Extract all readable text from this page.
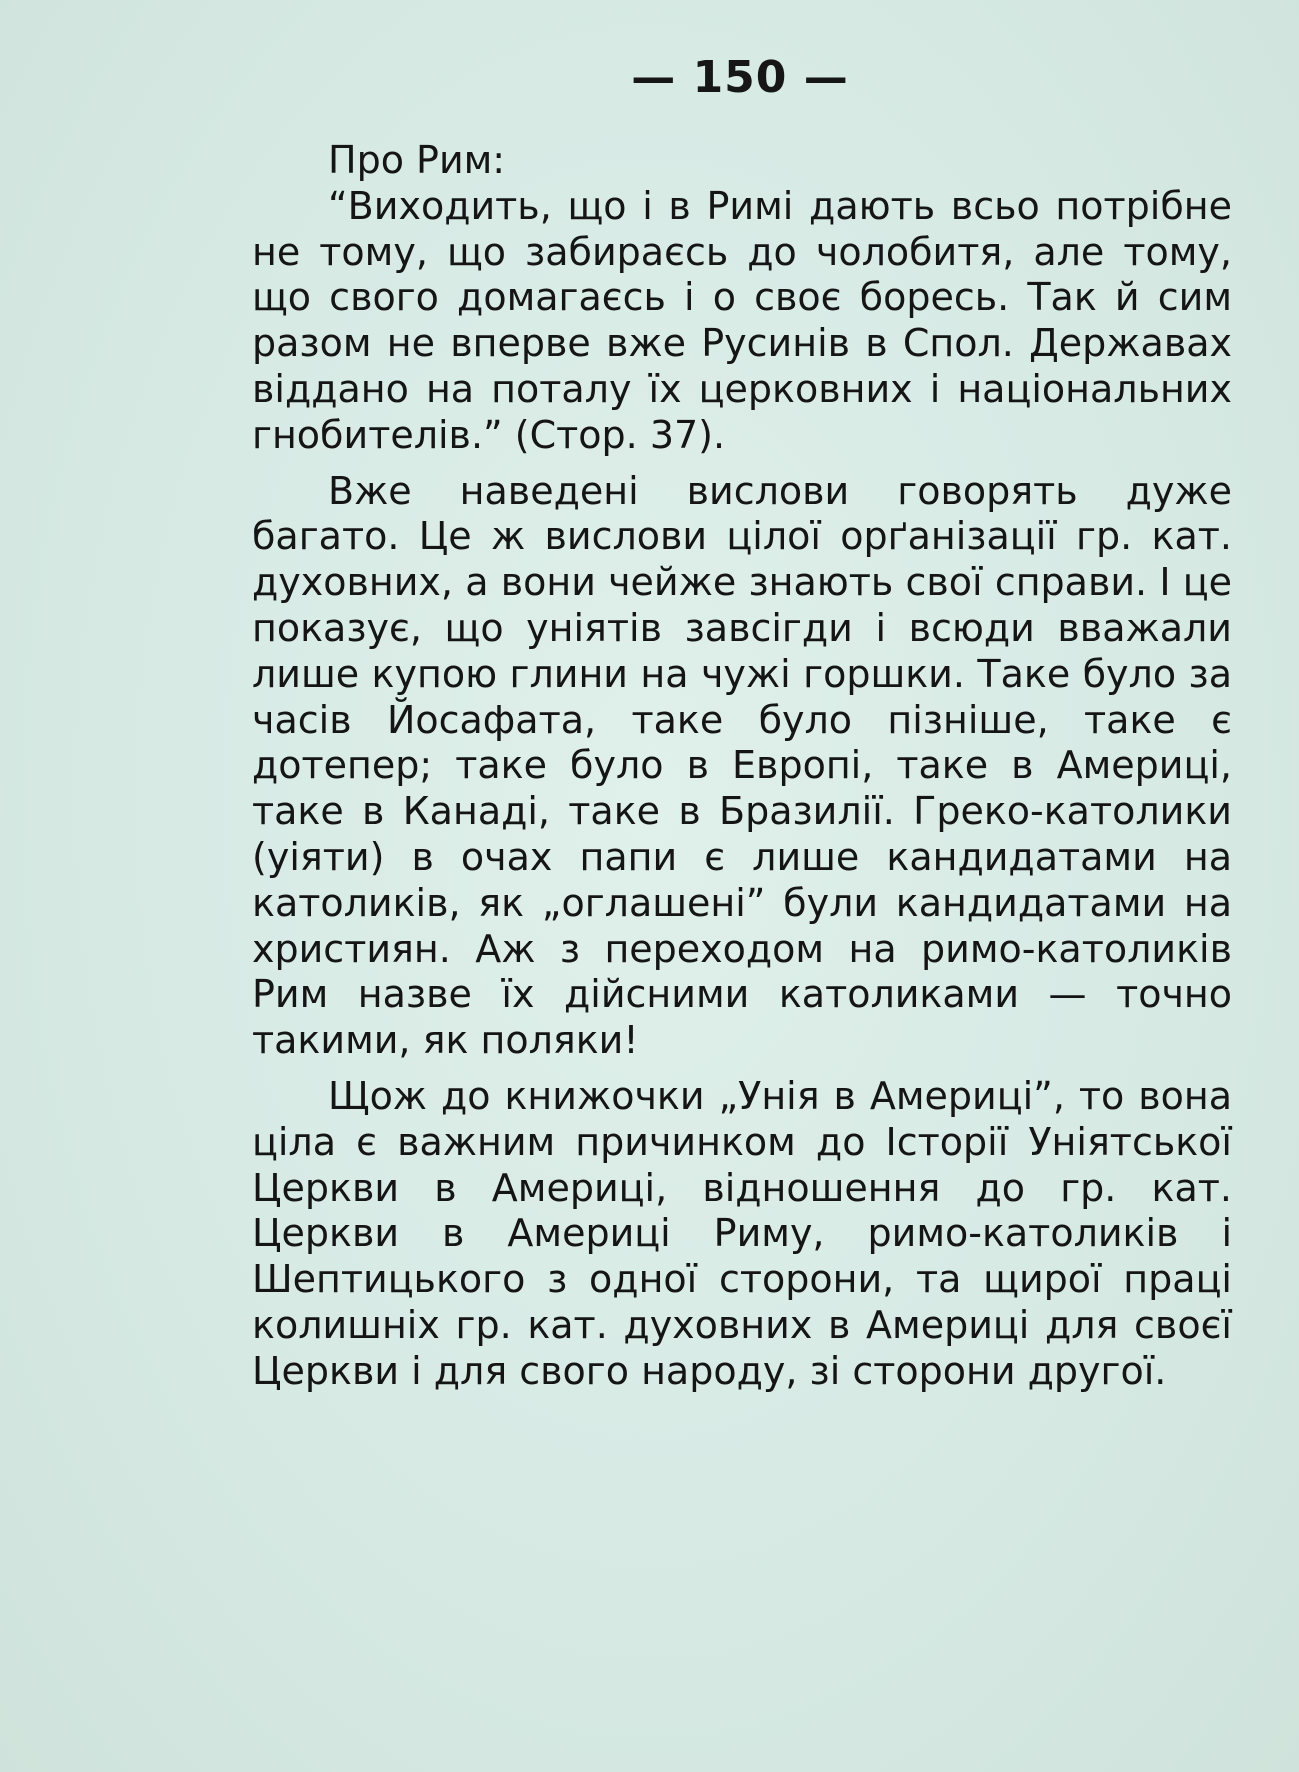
— 150 —

Про Рим:

“Виходить, що і в Римі дають всьо потрібне не тому, що забираєсь до чолобитя, але тому, що свого домагаєсь і о своє боресь. Так й сим разом не вперве вже Русинів в Спол. Державах віддано на поталу їх церковних і національних гнобителів.” (Стор. 37).

Вже наведені вислови говорять дуже багато. Це ж вислови цілої орґанізації гр. кат. духовних, а вони чейже знають свої справи. І це показує, що уніятів завсігди і всюди вважали лише купою глини на чужі горшки. Таке було за часів Йосафата, таке було пізніше, таке є дотепер; таке було в Европі, таке в Америці, таке в Канаді, таке в Бразилії. Греко-католики (уіяти) в очах папи є лише кандидатами на католиків, як „оглашені” були кандидатами на християн. Аж з переходом на римо-католиків Рим назве їх дійсними католиками — точно такими, як поляки!

Щож до книжочки „Унія в Америці”, то вона ціла є важним причинком до Історії Уніятської Церкви в Америці, відношення до гр. кат. Церкви в Америці Риму, римо-католиків і Шептицького з одної сторони, та щирої праці колишніх гр. кат. духовних в Америці для своєї Церкви і для свого народу, зі сторони другої.
